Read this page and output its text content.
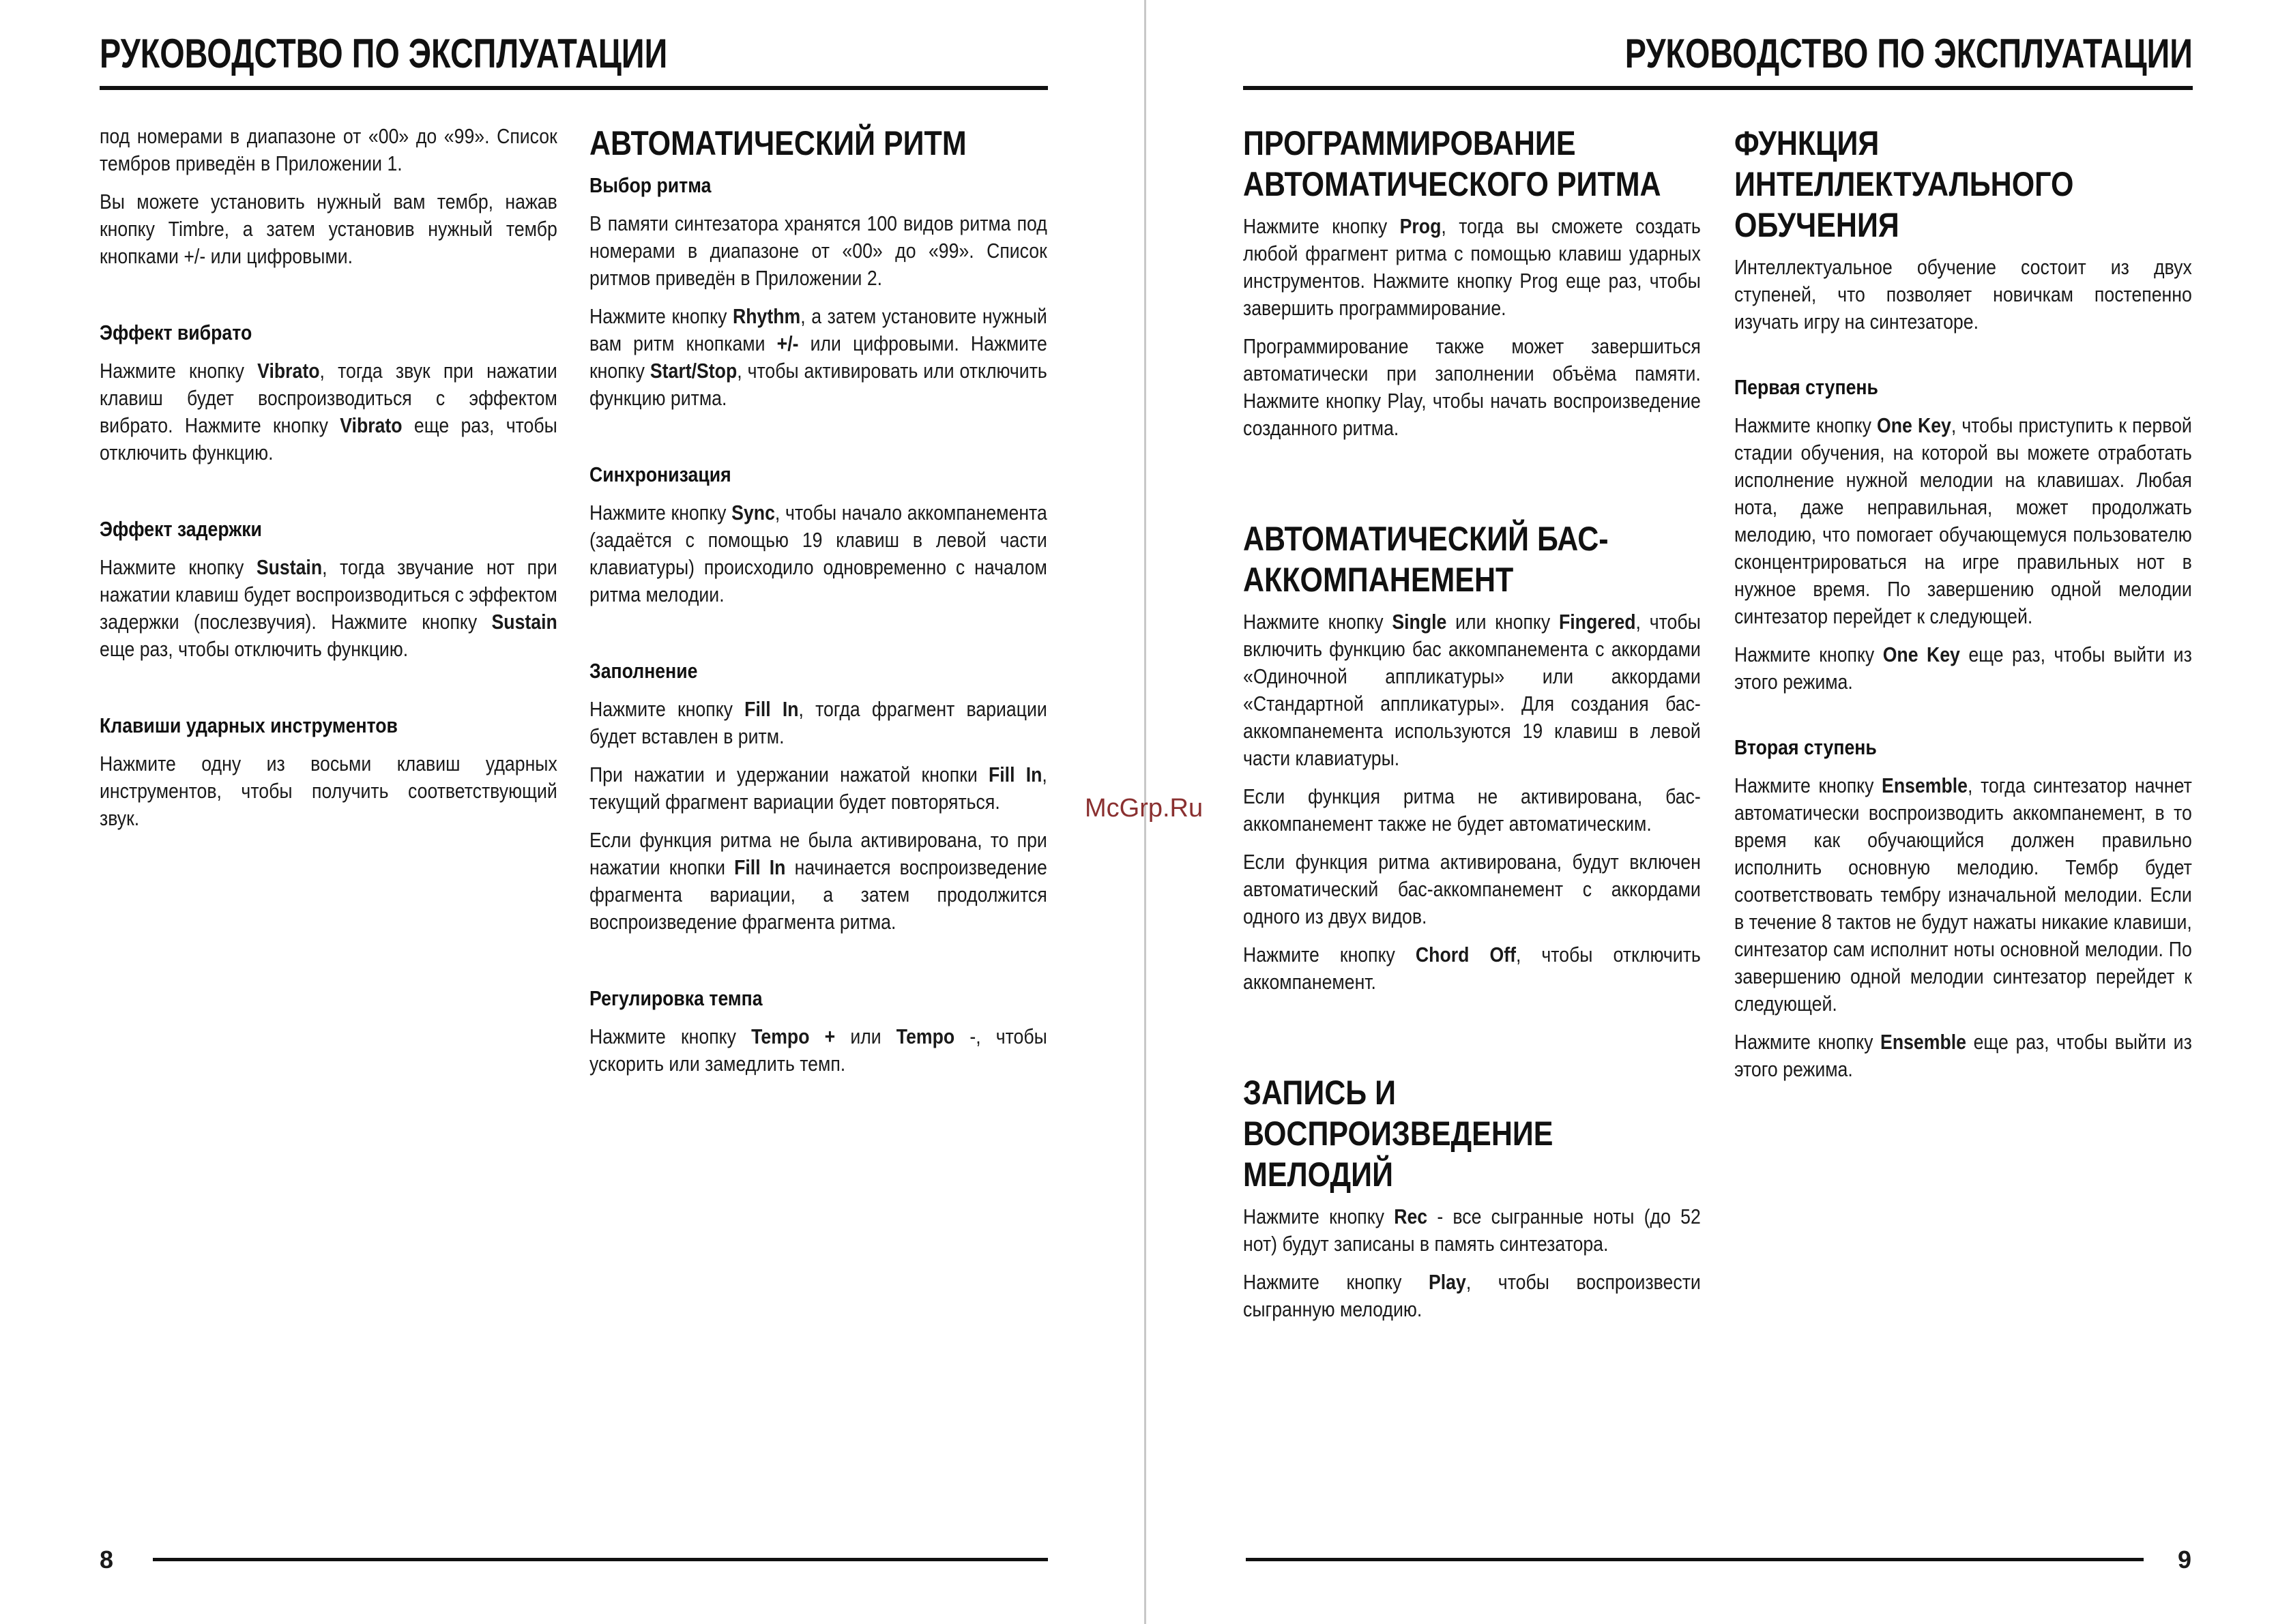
РУКОВОДСТВО ПО ЭКСПЛУАТАЦИИ	РУКОВОДСТВО ПО ЭКСПЛУАТАЦИИ

под номерами в диапазоне от «00» до «99». Список тембров приведён в Приложении 1.

Вы можете установить нужный вам тембр, нажав кнопку Timbre, а затем установив нужный тембр кнопками +/- или цифровыми.

Эффект вибрато

Нажмите кнопку Vibrato, тогда звук при нажатии клавиш будет воспроизводиться с эффектом вибрато. Нажмите кнопку Vibrato еще раз, чтобы отключить функцию.

Эффект задержки

Нажмите кнопку Sustain, тогда звучание нот при нажатии клавиш будет воспроизводиться с эффектом задержки (послезвучия). Нажмите кнопку Sustain еще раз, чтобы отключить функцию.

Клавиши ударных инструментов

Нажмите одну из восьми клавиш ударных инструментов, чтобы получить соответствующий звук.

АВТОМАТИЧЕСКИЙ РИТМ
Выбор ритма

В памяти синтезатора хранятся 100 видов ритма под номерами в диапазоне от «00» до «99». Список ритмов приведён в Приложении 2.

Нажмите кнопку Rhythm, а затем установите нужный вам ритм кнопками +/- или цифровыми. Нажмите кнопку Start/Stop, чтобы активировать или отключить функцию ритма.

Синхронизация

Нажмите кнопку Sync, чтобы начало аккомпанемента (задаётся с помощью 19 клавиш в левой части клавиатуры) происходило одновременно с началом ритма мелодии.

Заполнение

Нажмите кнопку Fill In, тогда фрагмент вариации будет вставлен в ритм.

При нажатии и удержании нажатой кнопки Fill In, текущий фрагмент вариации будет повторяться.

Если функция ритма не была активирована, то при нажатии кнопки Fill In начинается воспроизведение фрагмента вариации, а затем продолжится воспроизведение фрагмента ритма.

Регулировка темпа

Нажмите кнопку Tempo + или Tempo -, чтобы ускорить или замедлить темп.

ПРОГРАММИРОВАНИЕ АВТОМАТИЧЕСКОГО РИТМА

Нажмите кнопку Prog, тогда вы сможете создать любой фрагмент ритма с помощью клавиш ударных инструментов. Нажмите кнопку Prog еще раз, чтобы завершить программирование.

Программирование также может завершиться автоматически при заполнении объёма памяти. Нажмите кнопку Play, чтобы начать воспроизведение созданного ритма.

АВТОМАТИЧЕСКИЙ БАС-АККОМПАНЕМЕНТ

Нажмите кнопку Single или кнопку Fingered, чтобы включить функцию бас аккомпанемента с аккордами «Одиночной аппликатуры» или аккордами «Стандартной аппликатуры». Для создания бас-аккомпанемента используются 19 клавиш в левой части клавиатуры.

Если функция ритма не активирована, бас-аккомпанемент также не будет автоматическим.

Если функция ритма активирована, будут включен автоматический бас-аккомпанемент с аккордами одного из двух видов.

Нажмите кнопку Chord Off, чтобы отключить аккомпанемент.

ЗАПИСЬ И ВОСПРОИЗВЕДЕНИЕ МЕЛОДИЙ

Нажмите кнопку Rec - все сыгранные ноты (до 52 нот) будут записаны в память синтезатора.

Нажмите кнопку Play, чтобы воспроизвести сыгранную мелодию.

ФУНКЦИЯ ИНТЕЛЛЕКТУАЛЬНОГО ОБУЧЕНИЯ

Интеллектуальное обучение состоит из двух ступеней, что позволяет новичкам постепенно изучать игру на синтезаторе.

Первая ступень

Нажмите кнопку One Key, чтобы приступить к первой стадии обучения, на которой вы можете отработать исполнение нужной мелодии на клавишах. Любая нота, даже неправильная, может продолжать мелодию, что помогает обучающемуся пользователю сконцентрироваться на игре правильных нот в нужное время. По завершению одной мелодии синтезатор перейдет к следующей.

Нажмите кнопку One Key еще раз, чтобы выйти из этого режима.

Вторая ступень

Нажмите кнопку Ensemble, тогда синтезатор начнет автоматически воспроизводить аккомпанемент, в то время как обучающийся должен правильно исполнить основную мелодию. Тембр будет соответствовать тембру изначальной мелодии. Если в течение 8 тактов не будут нажаты никакие клавиши, синтезатор сам исполнит ноты основной мелодии. По завершению одной мелодии синтезатор перейдет к следующей.

Нажмите кнопку Ensemble еще раз, чтобы выйти из этого режима.

McGrp.Ru
8	9
